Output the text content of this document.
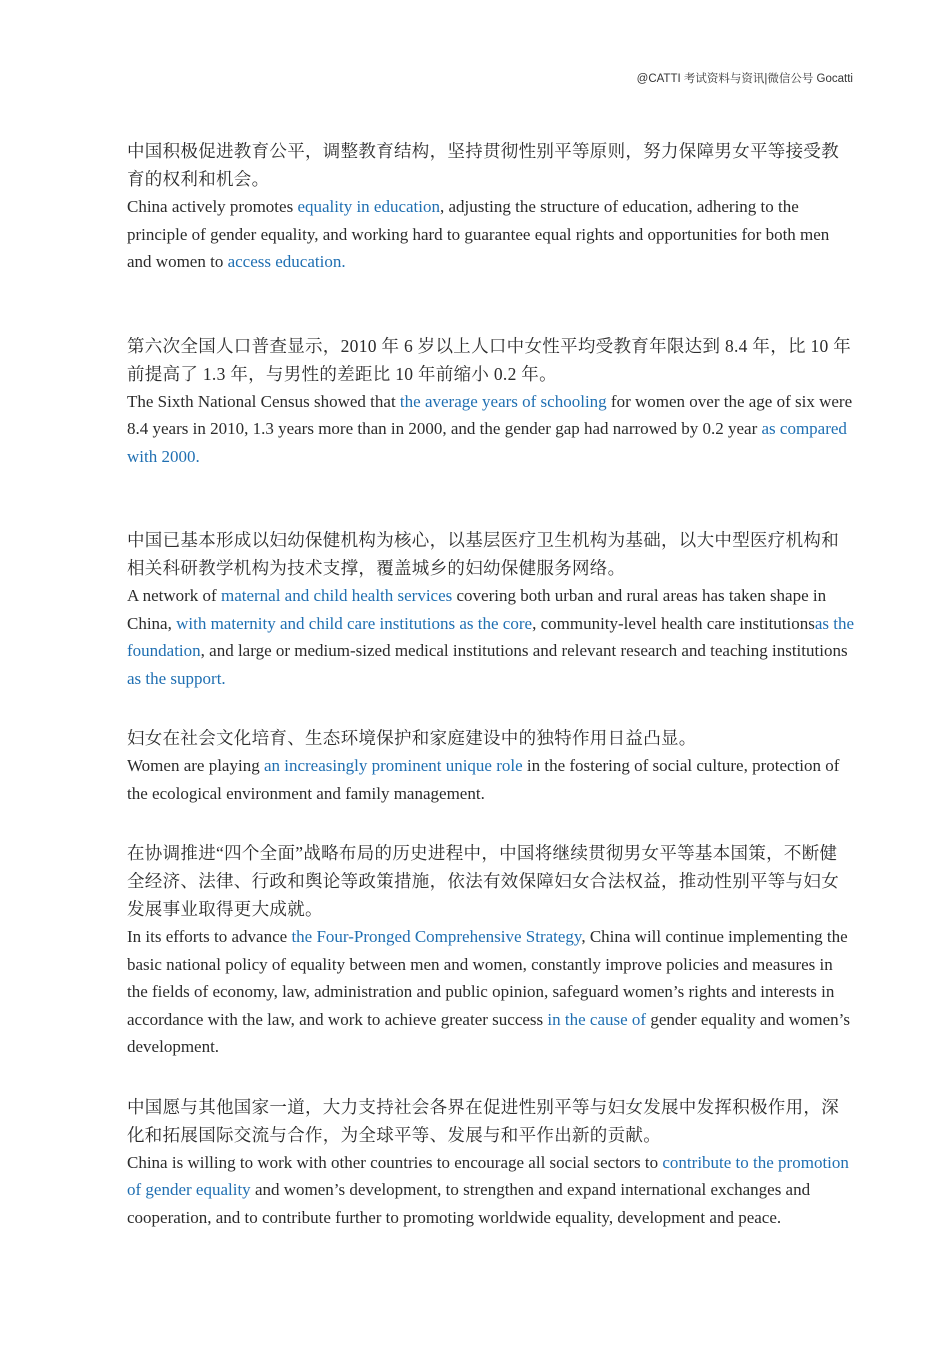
@CATTI 考试资料与资讯|微信公号 Gocatti

中国积极促进教育公平，调整教育结构，坚持贯彻性别平等原则，努力保障男女平等接受教育的权利和机会。

China actively promotes equality in education, adjusting the structure of education, adhering to the principle of gender equality, and working hard to guarantee equal rights and opportunities for both men and women to access education.

第六次全国人口普查显示，2010 年 6 岁以上人口中女性平均受教育年限达到 8.4 年，比 10 年前提高了 1.3 年，与男性的差距比 10 年前缩小 0.2 年。

The Sixth National Census showed that the average years of schooling for women over the age of six were 8.4 years in 2010, 1.3 years more than in 2000, and the gender gap had narrowed by 0.2 year as compared with 2000.

中国已基本形成以妇幼保健机构为核心，以基层医疗卫生机构为基础，以大中型医疗机构和相关科研教学机构为技术支撑，覆盖城乡的妇幼保健服务网络。

A network of maternal and child health services covering both urban and rural areas has taken shape in China, with maternity and child care institutions as the core, community-level health care institutionsas the foundation, and large or medium-sized medical institutions and relevant research and teaching institutions as the support.

妇女在社会文化培育、生态环境保护和家庭建设中的独特作用日益凸显。

Women are playing an increasingly prominent unique role in the fostering of social culture, protection of the ecological environment and family management.

在协调推进“四个全面”战略布局的历史进程中，中国将继续贯彻男女平等基本国策，不断健全经济、法律、行政和舆论等政策措施，依法有效保障妇女合法权益，推动性别平等与妇女发展事业取得更大成就。

In its efforts to advance the Four-Pronged Comprehensive Strategy, China will continue implementing the basic national policy of equality between men and women, constantly improve policies and measures in the fields of economy, law, administration and public opinion, safeguard women’s rights and interests in accordance with the law, and work to achieve greater success in the cause of gender equality and women’s development.

中国愿与其他国家一道，大力支持社会各界在促进性别平等与妇女发展中发挥积极作用，深化和拓展国际交流与合作，为全球平等、发展与和平作出新的贡献。

China is willing to work with other countries to encourage all social sectors to contribute to the promotion of gender equality and women’s development, to strengthen and expand international exchanges and cooperation, and to contribute further to promoting worldwide equality, development and peace.
